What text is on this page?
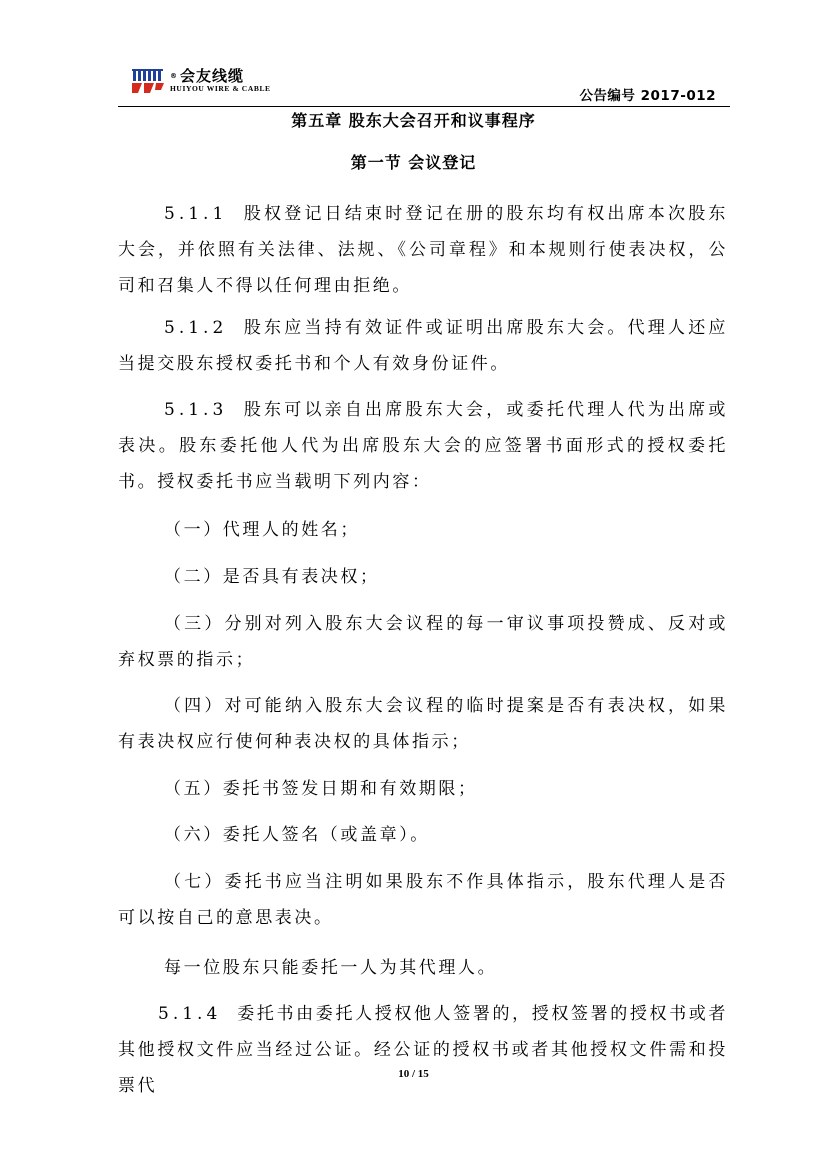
® 会友线缆
HUIYOU WIRE & CABLE	公告编号 2017-012
第五章 股东大会召开和议事程序
第一节 会议登记
5.1.1 股权登记日结束时登记在册的股东均有权出席本次股东大会，并依照有关法律、法规、《公司章程》和本规则行使表决权，公司和召集人不得以任何理由拒绝。
5.1.2 股东应当持有效证件或证明出席股东大会。代理人还应当提交股东授权委托书和个人有效身份证件。
5.1.3 股东可以亲自出席股东大会，或委托代理人代为出席或表决。股东委托他人代为出席股东大会的应签署书面形式的授权委托书。授权委托书应当载明下列内容：
（一）代理人的姓名；
（二）是否具有表决权；
（三）分别对列入股东大会议程的每一审议事项投赞成、反对或弃权票的指示；
（四）对可能纳入股东大会议程的临时提案是否有表决权，如果有表决权应行使何种表决权的具体指示；
（五）委托书签发日期和有效期限；
（六）委托人签名（或盖章）。
（七）委托书应当注明如果股东不作具体指示，股东代理人是否可以按自己的意思表决。
每一位股东只能委托一人为其代理人。
5.1.4 委托书由委托人授权他人签署的，授权签署的授权书或者其他授权文件应当经过公证。经公证的授权书或者其他授权文件需和投票代
10 / 15
